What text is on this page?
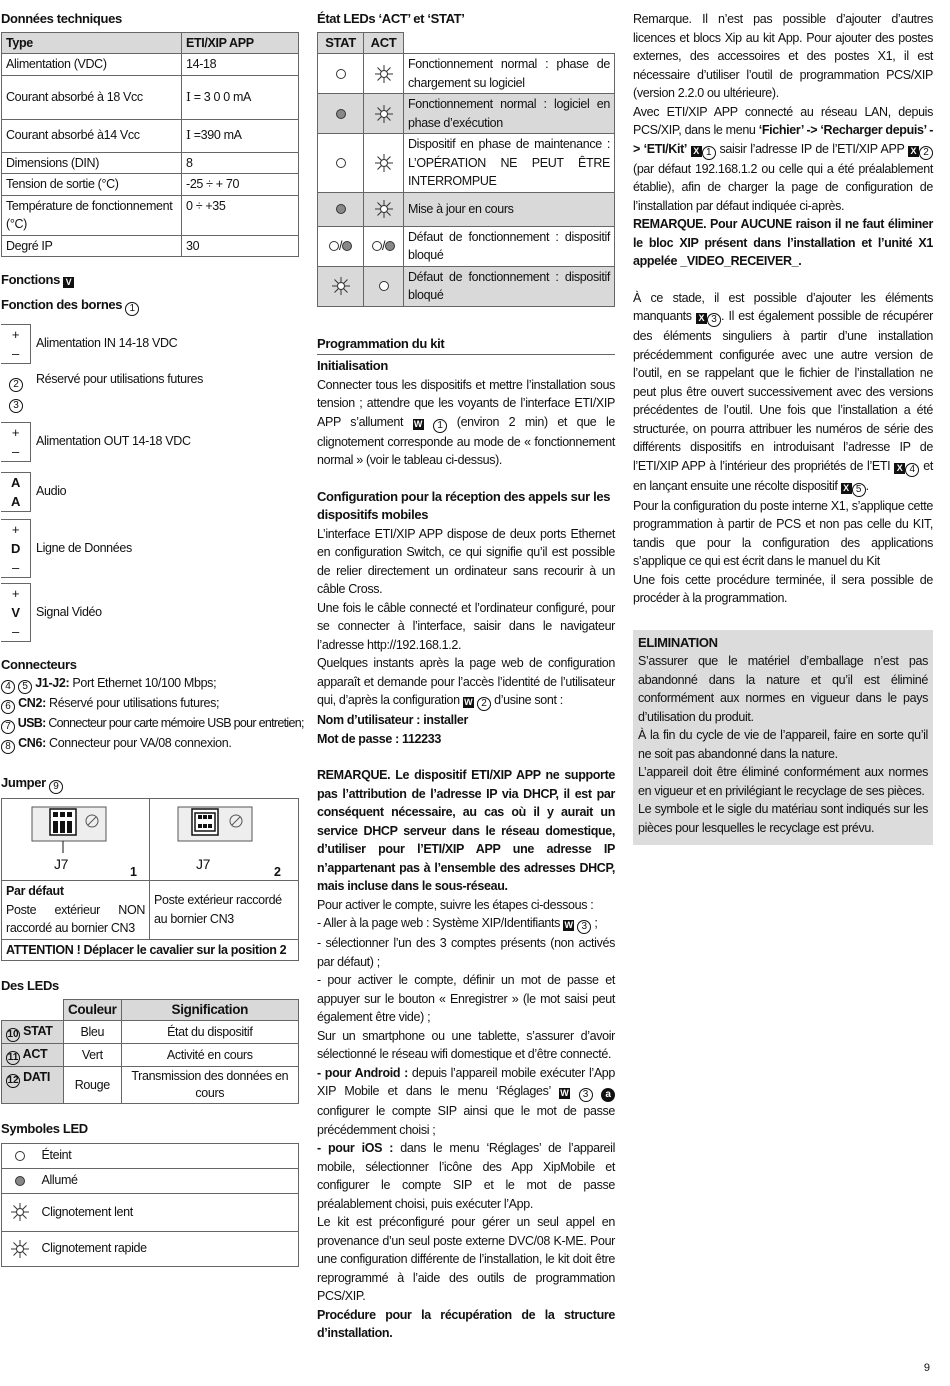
Données techniques
Type	ETI/XIP APP
Alimentation (VDC)	14-18
Courant absorbé à 18 Vcc	I = 3 0 0 mA
Courant absorbé à14 Vcc	I =390 mA
Dimensions (DIN)	8
Tension de sortie (°C)	-25 ÷ + 70
Température de fonctionnement (°C)	0 ÷ +35
Degré IP	30
Fonctions V
Fonction des bornes 1
+
–
Alimentation IN 14-18 VDC
2
3
Réservé pour utilisations futures
+
–
Alimentation OUT 14-18 VDC
A
A
Audio
+
D
–
Ligne de Données
+
V
–
Signal Vidéo
Connecteurs
4 5 J1-J2: Port Ethernet 10/100 Mbps;
6 CN2: Réservé pour utilisations futures;
7 USB: Connecteur pour carte mémoire USB pour entretien;
8 CN6: Connecteur pour VA/08 connexion.
Jumper 9
J7 1	J7 2

Par défaut
Poste extérieur NON raccordé au bornier CN3	Poste extérieur raccordé au bornier CN3
ATTENTION ! Déplacer le cavalier sur la position 2	
Des LEDs
	Couleur	Signification
10 STAT	Bleu	État du dispositif
11 ACT	Vert	Activité en cours
12 DATI	Rouge	Transmission des données en cours
Symboles LED
	Éteint
	Allumé
	Clignotement lent
	Clignotement rapide
État LEDs ‘ACT’ et ‘STAT’
STAT	ACT	
		Fonctionnement normal : phase de chargement su logiciel
		Fonctionnement normal : logiciel en phase d’exécution
		Dispositif en phase de maintenance : L’OPÉRATION NE PEUT ÊTRE INTERROMPUE
		Mise à jour en cours
/	/	Défaut de fonctionnement : dispositif bloqué
		Défaut de fonctionnement : dispositif bloqué
Programmation du kit
Initialisation

Connecter tous les dispositifs et mettre l’installation sous tension ; attendre que les voyants de l’interface ETI/XIP APP s’allument W 1 (environ 2 min) et que le clignotement corresponde au mode de « fonctionnement normal » (voir le tableau ci-dessus).

Configuration pour la réception des appels sur les dispositifs mobiles

L’interface ETI/XIP APP dispose de deux ports Ethernet en configuration Switch, ce qui signifie qu’il est possible de relier directement un ordinateur sans recourir à un câble Cross.

Une fois le câble connecté et l’ordinateur configuré, pour se connecter à l’interface, saisir dans le navigateur l’adresse http://192.168.1.2.

Quelques instants après la page web de configuration apparaît et demande pour l’accès l’identité de l’utilisateur qui, d’après la configuration W 2 d’usine sont :

Nom d’utilisateur : installer

Mot de passe : 112233

REMARQUE. Le dispositif ETI/XIP APP ne supporte pas l’attribution de l’adresse IP via DHCP, il est par conséquent nécessaire, au cas où il y aurait un service DHCP serveur dans le réseau domestique, d’utiliser pour l’ETI/XIP APP une adresse IP n’appartenant pas à l’ensemble des adresses DHCP, mais incluse dans le sous-réseau.

Pour activer le compte, suivre les étapes ci-dessous :

- Aller à la page web : Système XIP/Identifiants W 3 ;

- sélectionner l’un des 3 comptes présents (non activés par défaut) ;

- pour activer le compte, définir un mot de passe et appuyer sur le bouton « Enregistrer » (le mot saisi peut également être vide) ;

Sur un smartphone ou une tablette, s’assurer d’avoir sélectionné le réseau wifi domestique et d’être connecté.

- pour Android : depuis l’appareil mobile exécuter l’App XIP Mobile et dans le menu ‘Réglages’ W 3 a configurer le compte SIP ainsi que le mot de passe précédemment choisi ;

- pour iOS : dans le menu ‘Réglages’ de l’appareil mobile, sélectionner l’icône des App XipMobile et configurer le compte SIP et le mot de passe préalablement choisi, puis exécuter l’App.

Le kit est préconfiguré pour gérer un seul appel en provenance d’un seul poste externe DVC/08 K-ME. Pour une configuration différente de l’installation, le kit doit être reprogrammé à l’aide des outils de programmation PCS/XIP.

Procédure pour la récupération de la structure d’installation.

Remarque. Il n’est pas possible d’ajouter d’autres licences et blocs Xip au kit App. Pour ajouter des postes externes, des accessoires et des postes X1, il est nécessaire d’utiliser l’outil de programmation PCS/XIP (version 2.2.0 ou ultérieure).

Avec ETI/XIP APP connecté au réseau LAN, depuis PCS/XIP, dans le menu ‘Fichier’ -> ‘Recharger depuis’ -> ‘ETI/Kit’ X 1 saisir l’adresse IP de l’ETI/XIP APP X 2 (par défaut 192.168.1.2 ou celle qui a été préalablement établie), afin de charger la page de configuration de l’installation par défaut indiquée ci-après.

REMARQUE. Pour AUCUNE raison il ne faut éliminer le bloc XIP présent dans l’installation et l’unité X1 appelée _VIDEO_RECEIVER_.

À ce stade, il est possible d’ajouter les éléments manquants X 3 . Il est également possible de récupérer des éléments singuliers à partir d’une installation précédemment configurée avec une autre version de l’outil, en se rappelant que le fichier de l’installation ne peut plus être ouvert successivement avec des versions précédentes de l’outil. Une fois que l’installation a été structurée, on pourra attribuer les numéros de série des différents dispositifs en introduisant l’adresse IP de l’ETI/XIP APP à l’intérieur des propriétés de l’ETI X 4 et en lançant ensuite une récolte dispositif X 5 .

Pour la configuration du poste interne X1, s’applique cette programmation à partir de PCS et non pas celle du KIT, tandis que pour la configuration des applications s’applique ce qui est écrit dans le manuel du Kit

Une fois cette procédure terminée, il sera possible de procéder à la programmation.

ELIMINATION

S’assurer que le matériel d’emballage n’est pas abandonné dans la nature et qu’il est éliminé conformément aux normes en vigueur dans le pays d’utilisation du produit.

À la fin du cycle de vie de l’appareil, faire en sorte qu’il ne soit pas abandonné dans la nature.

L’appareil doit être éliminé conformément aux normes en vigueur et en privilégiant le recyclage de ses pièces.

Le symbole et le sigle du matériau sont indiqués sur les pièces pour lesquelles le recyclage est prévu.

9
